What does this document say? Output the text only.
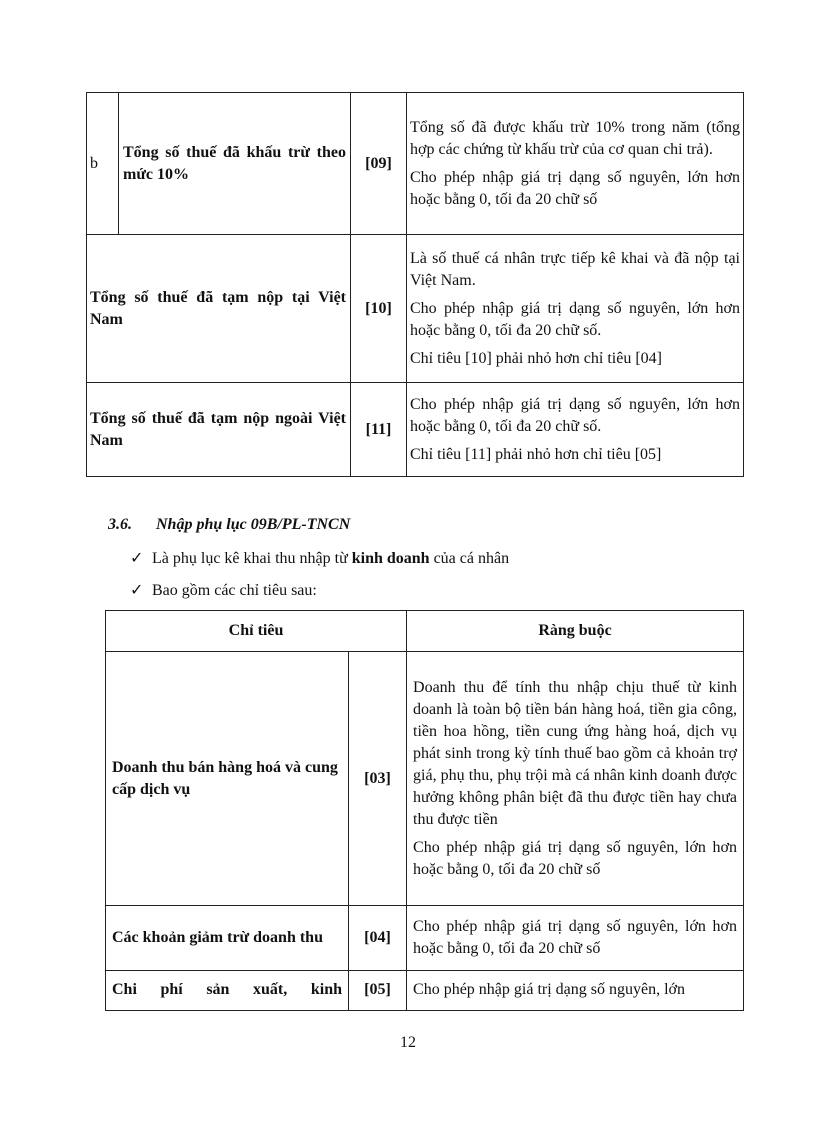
b	Tổng số thuế đã khấu trừ theo mức 10%	[09]	Tổng số đã được khấu trừ 10% trong năm (tổng hợp các chứng từ khấu trừ của cơ quan chi trả).

Cho phép nhập giá trị dạng số nguyên, lớn hơn hoặc bằng 0, tối đa 20 chữ số

Tổng số thuế đã tạm nộp tại Việt Nam		[10]	Là số thuế cá nhân trực tiếp kê khai và đã nộp tại Việt Nam.

Cho phép nhập giá trị dạng số nguyên, lớn hơn hoặc bằng 0, tối đa 20 chữ số.

Chỉ tiêu [10] phải nhỏ hơn chỉ tiêu [04]

Tổng số thuế đã tạm nộp ngoài Việt Nam		[11]	Cho phép nhập giá trị dạng số nguyên, lớn hơn hoặc bằng 0, tối đa 20 chữ số.

Chỉ tiêu [11] phải nhỏ hơn chỉ tiêu [05]

3.6. Nhập phụ lục 09B/PL-TNCN
✓ Là phụ lục kê khai thu nhập từ kinh doanh của cá nhân
✓ Bao gồm các chỉ tiêu sau:
Chỉ tiêu		Ràng buộc
Doanh thu bán hàng hoá và cung cấp dịch vụ	[03]	Doanh thu để tính thu nhập chịu thuế từ kinh doanh là toàn bộ tiền bán hàng hoá, tiền gia công, tiền hoa hồng, tiền cung ứng hàng hoá, dịch vụ phát sinh trong kỳ tính thuế bao gồm cả khoản trợ giá, phụ thu, phụ trội mà cá nhân kinh doanh được hưởng không phân biệt đã thu được tiền hay chưa thu được tiền

Cho phép nhập giá trị dạng số nguyên, lớn hơn hoặc bằng 0, tối đa 20 chữ số

Các khoản giảm trừ doanh thu	[04]	Cho phép nhập giá trị dạng số nguyên, lớn hơn hoặc bằng 0, tối đa 20 chữ số

Chi phí sản xuất, kinh	[05]	Cho phép nhập giá trị dạng số nguyên, lớn

12
